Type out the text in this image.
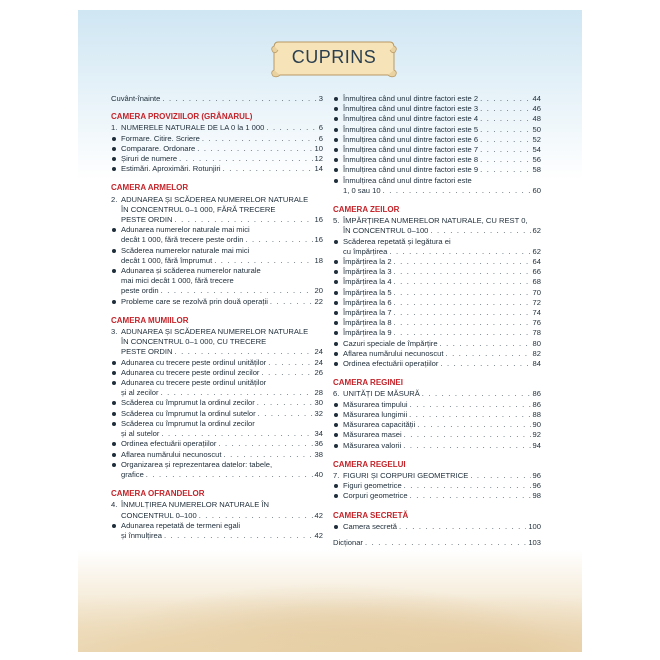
CUPRINS
Cuvânt-înainte . . .	3
CAMERA PROVIZIILOR (GRÂNARUL)
1. NUMERELE NATURALE DE LA 0 la 1 000 . . .	6
Formare. Citire. Scriere . . .	6
Comparare. Ordonare . . .	10
Șiruri de numere . . .	12
Estimări. Aproximări. Rotunjiri . . .	14
CAMERA ARMELOR
2. ADUNAREA ȘI SCĂDEREA NUMERELOR NATURALE
ÎN CONCENTRUL 0–1 000, FĂRĂ TRECERE
PESTE ORDIN . . .	16
Adunarea numerelor naturale mai mici
decât 1 000, fără trecere peste ordin . . .	16
Scăderea numerelor naturale mai mici
decât 1 000, fără împrumut . . .	18
Adunarea și scăderea numerelor naturale
mai mici decât 1 000, fără trecere
peste ordin . . .	20
Probleme care se rezolvă prin două operații . . .	22
CAMERA MUMIILOR
3. ADUNAREA ȘI SCĂDEREA NUMERELOR NATURALE
ÎN CONCENTRUL 0–1 000, CU TRECERE
PESTE ORDIN . . .	24
Adunarea cu trecere peste ordinul unităților . . .	24
Adunarea cu trecere peste ordinul zecilor . . .	26
Adunarea cu trecere peste ordinul unităților
și al zecilor . . .	28
Scăderea cu împrumut la ordinul zecilor . . .	30
Scăderea cu împrumut la ordinul sutelor . . .	32
Scăderea cu împrumut la ordinul zecilor
și al sutelor . . .	34
Ordinea efectuării operațiilor . . .	36
Aflarea numărului necunoscut . . .	38
Organizarea și reprezentarea datelor: tabele,
grafice . . .	40
CAMERA OFRANDELOR
4. ÎNMULȚIREA NUMERELOR NATURALE ÎN
CONCENTRUL 0–100 . . .	42
Adunarea repetată de termeni egali
și înmulțirea . . .	42
Înmulțirea când unul dintre factori este 2 . . .	44
Înmulțirea când unul dintre factori este 3 . . .	46
Înmulțirea când unul dintre factori este 4 . . .	48
Înmulțirea când unul dintre factori este 5 . . .	50
Înmulțirea când unul dintre factori este 6 . . .	52
Înmulțirea când unul dintre factori este 7 . . .	54
Înmulțirea când unul dintre factori este 8 . . .	56
Înmulțirea când unul dintre factori este 9 . . .	58
Înmulțirea când unul dintre factori este
1, 0 sau 10 . . .	60
CAMERA ZEILOR
5. ÎMPĂRȚIREA NUMERELOR NATURALE, CU REST 0,
ÎN CONCENTRUL 0–100 . . .	62
Scăderea repetată și legătura ei
cu împărțirea . . .	62
Împărțirea la 2 . . .	64
Împărțirea la 3 . . .	66
Împărțirea la 4 . . .	68
Împărțirea la 5 . . .	70
Împărțirea la 6 . . .	72
Împărțirea la 7 . . .	74
Împărțirea la 8 . . .	76
Împărțirea la 9 . . .	78
Cazuri speciale de împărțire . . .	80
Aflarea numărului necunoscut . . .	82
Ordinea efectuării operațiilor . . .	84
CAMERA REGINEI
6. UNITĂȚI DE MĂSURĂ . . .	86
Măsurarea timpului . . .	86
Măsurarea lungimii . . .	88
Măsurarea capacității . . .	90
Măsurarea masei . . .	92
Măsurarea valorii . . .	94
CAMERA REGELUI
7. FIGURI ȘI CORPURI GEOMETRICE . . .	96
Figuri geometrice . . .	96
Corpuri geometrice . . .	98
CAMERA SECRETĂ
Camera secretă . . .	100
Dicționar . . .	103
